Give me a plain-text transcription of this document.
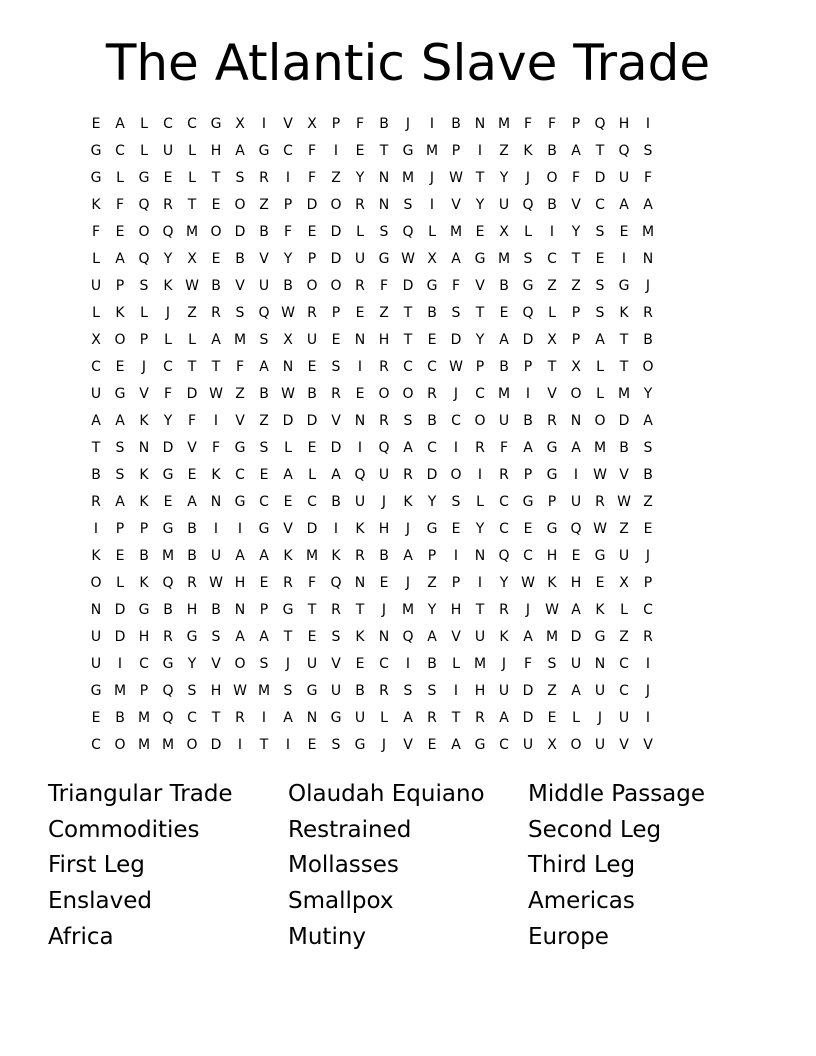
The Atlantic Slave Trade
E	A	L	C	C G X	I	V	X	P	F	B	J	I	B N M F	F	P	Q H	I
G C	L	U	L	H A G C	F	I	E	T	G M P	I	Z	K	B	A	T	Q	S
G	L	G	E	L	T	S	R	I	F	Z	Y	N M	J	W T	Y	J	O	F	D U	F
K	F	Q R	T	E	O Z	P	D O R N	S	I	V	Y	U Q B	V	C	A	A
F	E	O Q M O D B	F	E	D	L	S	Q	L	M E	X	L	I	Y	S	E M
L	A Q	Y	X	E	B	V	Y	P	D U G W X	A G M S	C	T	E	I	N
U	P	S	K W B	V	U	B O O R	F	D G	F	V	B G Z	Z	S	G	J
L	K	L	J	Z	R	S	Q W R	P	E	Z	T	B	S	T	E	Q	L	P	S	K	R
X O	P	L	L	A M S	X	U	E	N H	T	E	D	Y	A D X	P	A	T	B
C	E	J	C	T	T	F	A N	E	S	I	R	C	C W P	B	P	T	X	L	T	O
U G V	F	D W Z	B W B	R	E	O O R	J	C M	I	V O	L	M Y
A	A	K	Y	F	I	V	Z D D V N R	S	B	C O U	B	R N O D A
T	S	N D V	F	G	S	L	E	D	I	Q A	C	I	R	F	A G A M B	S
B	S	K G	E	K	C	E	A	L	A Q U	R D O	I	R	P	G	I	W V	B
R	A	K	E	A N G C	E	C	B	U	J	K	Y	S	L	C G	P	U	R W Z
I	P	P	G B	I	I	G V D	I	K	H	J	G	E	Y	C	E	G Q W Z	E
K	E	B M B	U	A	A	K M K	R	B	A	P	I	N Q C H	E	G U	J
O	L	K Q R W H	E	R	F	Q N	E	J	Z	P	I	Y W K	H	E	X	P
N D G B H B N	P	G	T	R	T	J	M Y	H	T	R	J	W A	K	L	C
U D H R G	S	A	A	T	E	S	K	N Q A	V	U	K	A M D G Z	R
U	I	C G	Y	V O	S	J	U	V	E	C	I	B	L	M	J	F	S	U N C	I
G M P	Q	S	H W M S	G U	B	R	S	S	I	H U D Z	A	U C	J
E	B M Q C	T	R	I	A N G U	L	A	R	T	R	A D	E	L	J	U	I
C O M M O D	I	T	I	E	S	G	J	V	E	A G C U	X O U	V	V
Triangular Trade	Olaudah Equiano	Middle Passage
Commodities	Restrained	Second Leg
First Leg	Mollasses	Third Leg
Enslaved	Smallpox	Americas
Africa	Mutiny	Europe
